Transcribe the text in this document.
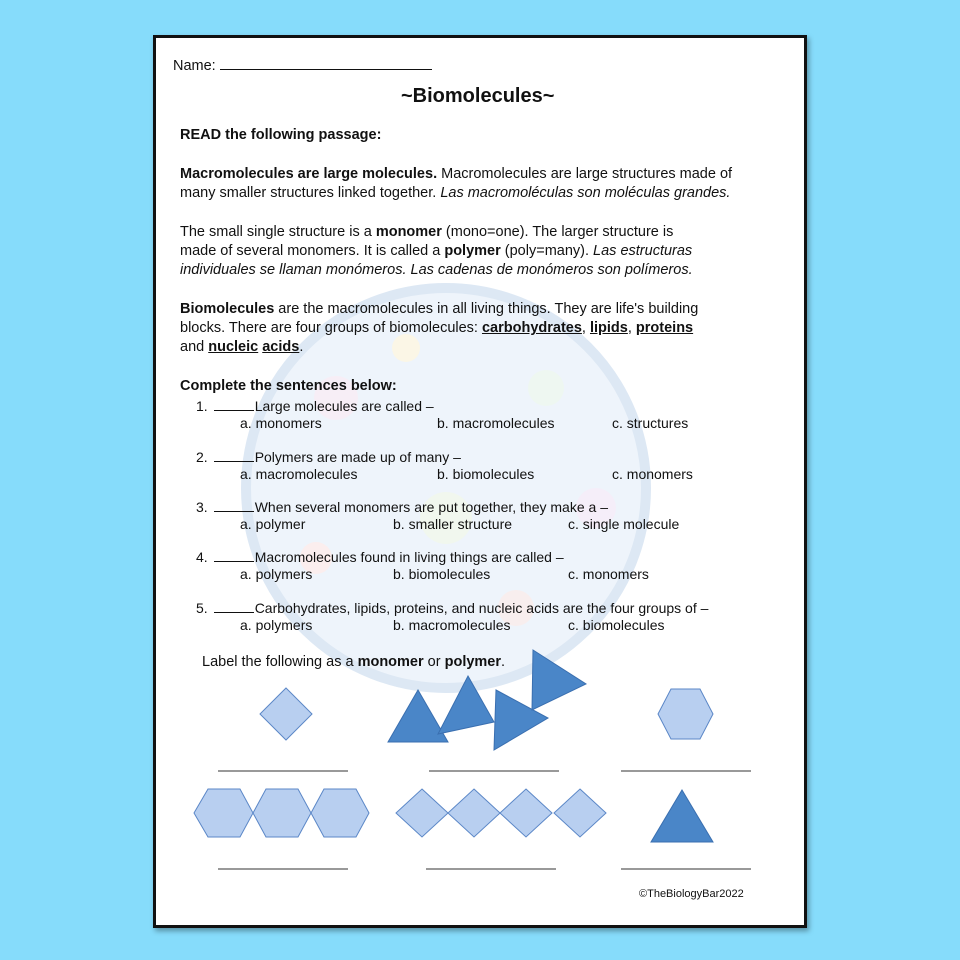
Name:
~Biomolecules~
READ the following passage:
Macromolecules are large molecules. Macromolecules are large structures made of
many smaller structures linked together. Las macromoléculas son moléculas grandes.
The small single structure is a monomer (mono=one). The larger structure is
made of several monomers. It is called a polymer (poly=many). Las estructuras
individuales se llaman monómeros. Las cadenas de monómeros son polímeros.
Biomolecules are the macromolecules in all living things. They are life's building
blocks. There are four groups of biomolecules: carbohydrates, lipids, proteins
and nucleic acids.
Complete the sentences below:
1.	Large molecules are called –
a. monomers	b. macromolecules	c. structures
2.	Polymers are made up of many –
a. macromolecules	b. biomolecules	c. monomers
3.	When several monomers are put together, they make a –
a. polymer	b. smaller structure	c. single molecule
4.	Macromolecules found in living things are called –
a. polymers	b. biomolecules	c. monomers
5.	Carbohydrates, lipids, proteins, and nucleic acids are the four groups of –
a. polymers	b. macromolecules	c. biomolecules
Label the following as a monomer or polymer.
©TheBiologyBar2022
